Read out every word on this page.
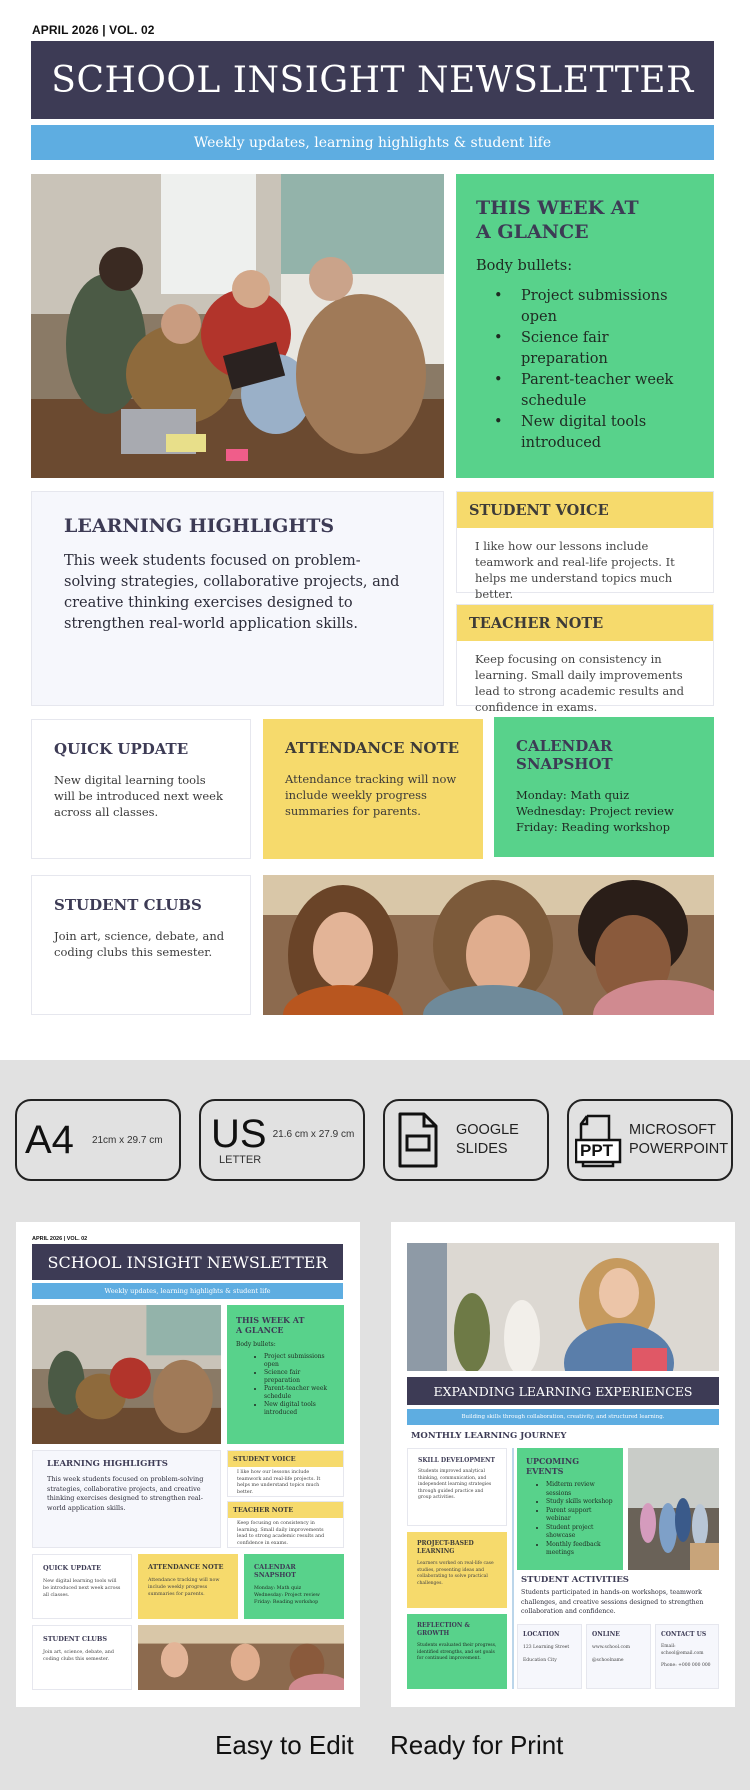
APRIL 2026 | VOL. 02
SCHOOL INSIGHT NEWSLETTER
Weekly updates, learning highlights & student life
THIS WEEK AT
A GLANCE
Body bullets:
• Project submissions open
• Science fair preparation
• Parent-teacher week schedule
• New digital tools introduced
LEARNING HIGHLIGHTS

This week students focused on problem-solving strategies, collaborative projects, and creative thinking exercises designed to strengthen real-world application skills.

STUDENT VOICE
I like how our lessons include teamwork and real-life projects. It helps me understand topics much better.
TEACHER NOTE
Keep focusing on consistency in learning. Small daily improvements lead to strong academic results and confidence in exams.
QUICK UPDATE

New digital learning tools will be introduced next week across all classes.

ATTENDANCE NOTE

Attendance tracking will now include weekly progress summaries for parents.

CALENDAR SNAPSHOT

Monday: Math quiz
Wednesday: Project review
Friday: Reading workshop

STUDENT CLUBS

Join art, science, debate, and coding clubs this semester.

A4 21cm x 29.7 cm US
LETTER
21.6 cm x 27.9 cm	GOOGLE
SLIDES	PPT
MICROSOFT
POWERPOINT
APRIL 2026 | VOL. 02
SCHOOL INSIGHT NEWSLETTER
Weekly updates, learning highlights & student life
THIS WEEK AT
A GLANCE
Body bullets:
• Project submissions open
• Science fair preparation
• Parent-teacher week schedule
• New digital tools introduced
LEARNING HIGHLIGHTS
This week students focused on problem-solving strategies, collaborative projects, and creative thinking exercises designed to strengthen real-world application skills.
STUDENT VOICE
I like how our lessons include teamwork and real-life projects. It helps me understand topics much better.
TEACHER NOTE
Keep focusing on consistency in learning. Small daily improvements lead to strong academic results and confidence in exams.
QUICK UPDATE
New digital learning tools will be introduced next week across all classes.
ATTENDANCE NOTE
Attendance tracking will now include weekly progress summaries for parents.
CALENDAR SNAPSHOT
Monday: Math quiz
Wednesday: Project review
Friday: Reading workshop
STUDENT CLUBS
Join art, science, debate, and coding clubs this semester.
EXPANDING LEARNING EXPERIENCES
Building skills through collaboration, creativity, and structured learning.
MONTHLY LEARNING JOURNEY
SKILL DEVELOPMENT
Students improved analytical thinking, communication, and independent learning strategies through guided practice and group activities.
PROJECT-BASED LEARNING
Learners worked on real-life case studies, presenting ideas and collaborating to solve practical challenges.
REFLECTION & GROWTH
Students evaluated their progress, identified strengths, and set goals for continued improvement.
UPCOMING EVENTS
• Midterm review sessions
• Study skills workshop
• Parent support webinar
• Student project showcase
• Monthly feedback meetings
STUDENT ACTIVITIES
Students participated in hands-on workshops, teamwork challenges, and creative sessions designed to strengthen collaboration and confidence.
LOCATION
123 Learning Street
Education City
ONLINE
www.school.com
@schoolname
CONTACT US
Email: school@email.com
Phone: +000 000 000
Easy to Edit Ready for Print
